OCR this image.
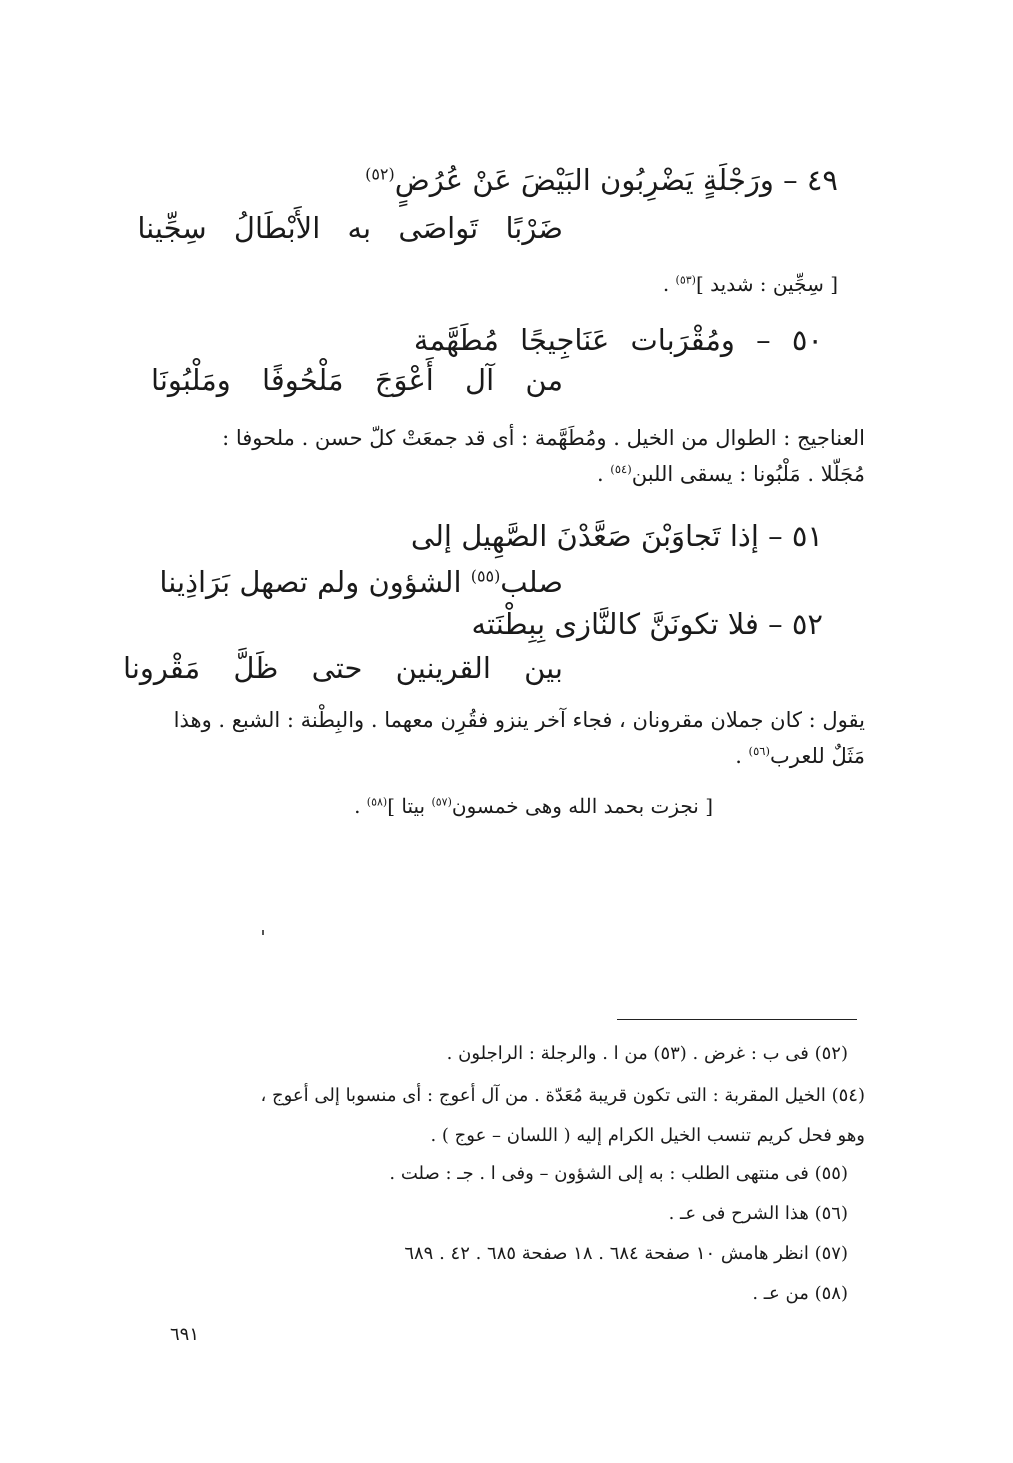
٤٩ – ورَجْلَةٍ يَضْرِبُون البَيْضَ عَنْ عُرُضٍ$^{(٥٢)}$
ضَرْبًا تَواصَى به الأَبْطَالُ سِجِّينا
[ سِجِّين : شديد ]$^{(٥٣)}$ .
٥٠ – ومُقْرَبات عَنَاجِيجًا مُطَهَّمة
من آل أَعْوَجَ مَلْحُوفًا ومَلْبُونَا
العناجيج : الطوال من الخيل . ومُطَهَّمة : أى قد جمعَتْ كلّ حسن . ملحوفا :
مُجَلّلا . مَلْبُونا : يسقى اللبن$^{(٥٤)}$ .
٥١ – إذا تَجاوَبْنَ صَعَّدْنَ الصَّهِيل إلى
صلب$^{(٥٥)}$ الشؤون ولم تصهل بَرَاذِينا
٥٢ – فلا تكونَنَّ كالنَّازى بِبِطْنَته
بين القرينين حتى ظَلَّ مَقْرونا
يقول : كان جملان مقرونان ، فجاء آخر ينزو فقُرِن معهما . والبِطْنة : الشبع . وهذا
مَثَلٌ للعرب$^{(٥٦)}$ .
[ نجزت بحمد الله وهى خمسون$^{(٥٧)}$ بيتا ]$^{(٥٨)}$ .
(٥٢) فى ب : غرض . (٥٣) من ا . والرجلة : الراجلون .
(٥٤) الخيل المقربة : التى تكون قريبة مُعَدّة . من آل أعوج : أى منسوبا إلى أعوج ،
وهو فحل كريم تنسب الخيل الكرام إليه ( اللسان – عوج ) .
(٥٥) فى منتهى الطلب : به إلى الشؤون – وفى ا . جـ : صلت .
(٥٦) هذا الشرح فى عـ .
(٥٧) انظر هامش ١٠ صفحة ٦٨٤ . ١٨ صفحة ٦٨٥ . ٤٢ . ٦٨٩
(٥٨) من عـ .
٦٩١
